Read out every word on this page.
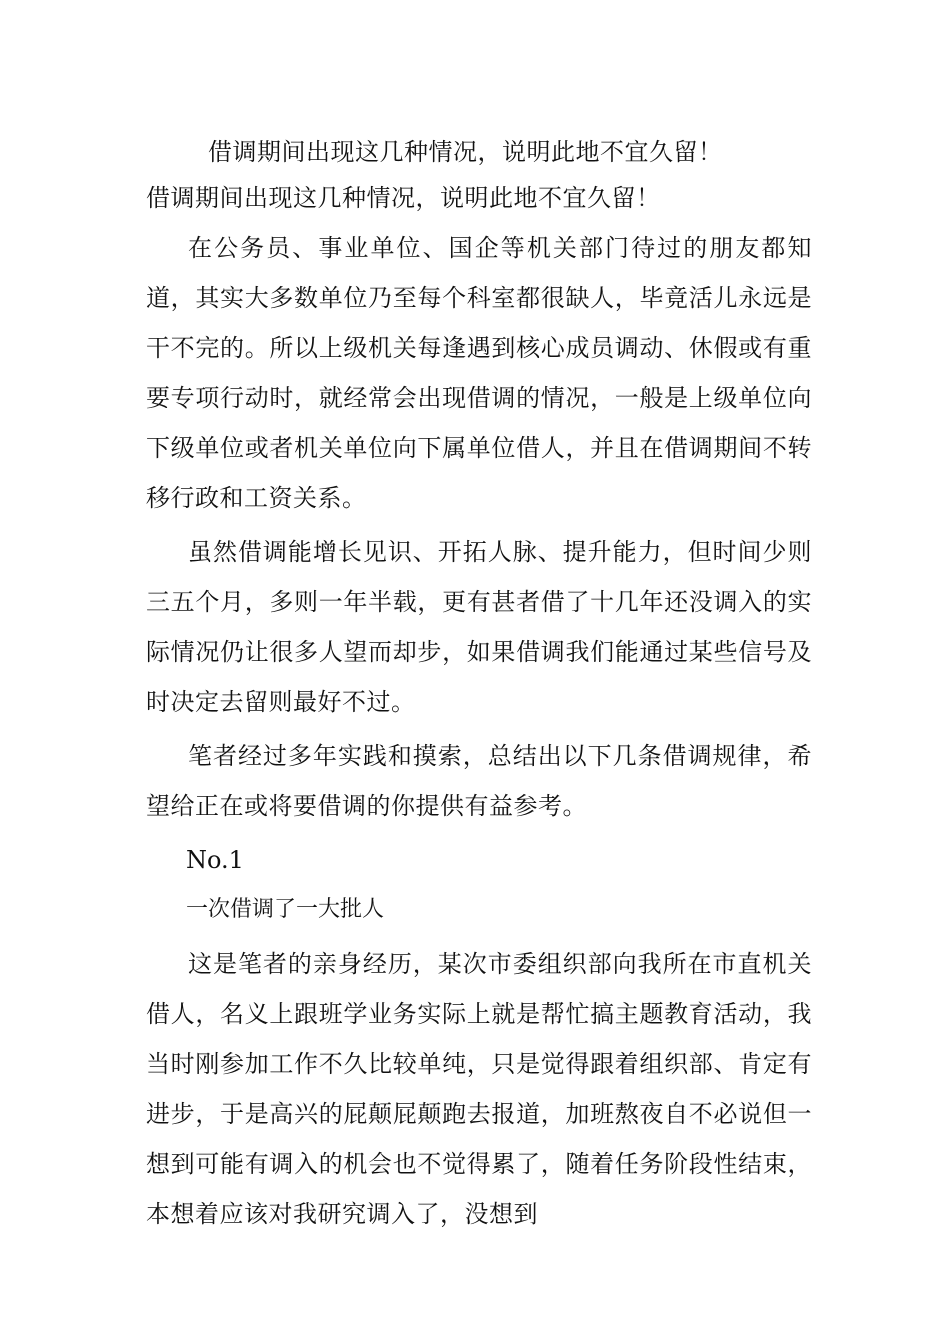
借调期间出现这几种情况，说明此地不宜久留！

借调期间出现这几种情况，说明此地不宜久留！

在公务员、事业单位、国企等机关部门待过的朋友都知道，其实大多数单位乃至每个科室都很缺人，毕竟活儿永远是干不完的。所以上级机关每逢遇到核心成员调动、休假或有重要专项行动时，就经常会出现借调的情况，一般是上级单位向下级单位或者机关单位向下属单位借人，并且在借调期间不转移行政和工资关系。

虽然借调能增长见识、开拓人脉、提升能力，但时间少则三五个月，多则一年半载，更有甚者借了十几年还没调入的实际情况仍让很多人望而却步，如果借调我们能通过某些信号及时决定去留则最好不过。

笔者经过多年实践和摸索，总结出以下几条借调规律，希望给正在或将要借调的你提供有益参考。

No.1

一次借调了一大批人

这是笔者的亲身经历，某次市委组织部向我所在市直机关借人，名义上跟班学业务实际上就是帮忙搞主题教育活动，我当时刚参加工作不久比较单纯，只是觉得跟着组织部、肯定有进步，于是高兴的屁颠屁颠跑去报道，加班熬夜自不必说但一想到可能有调入的机会也不觉得累了，随着任务阶段性结束，本想着应该对我研究调入了，没想到
